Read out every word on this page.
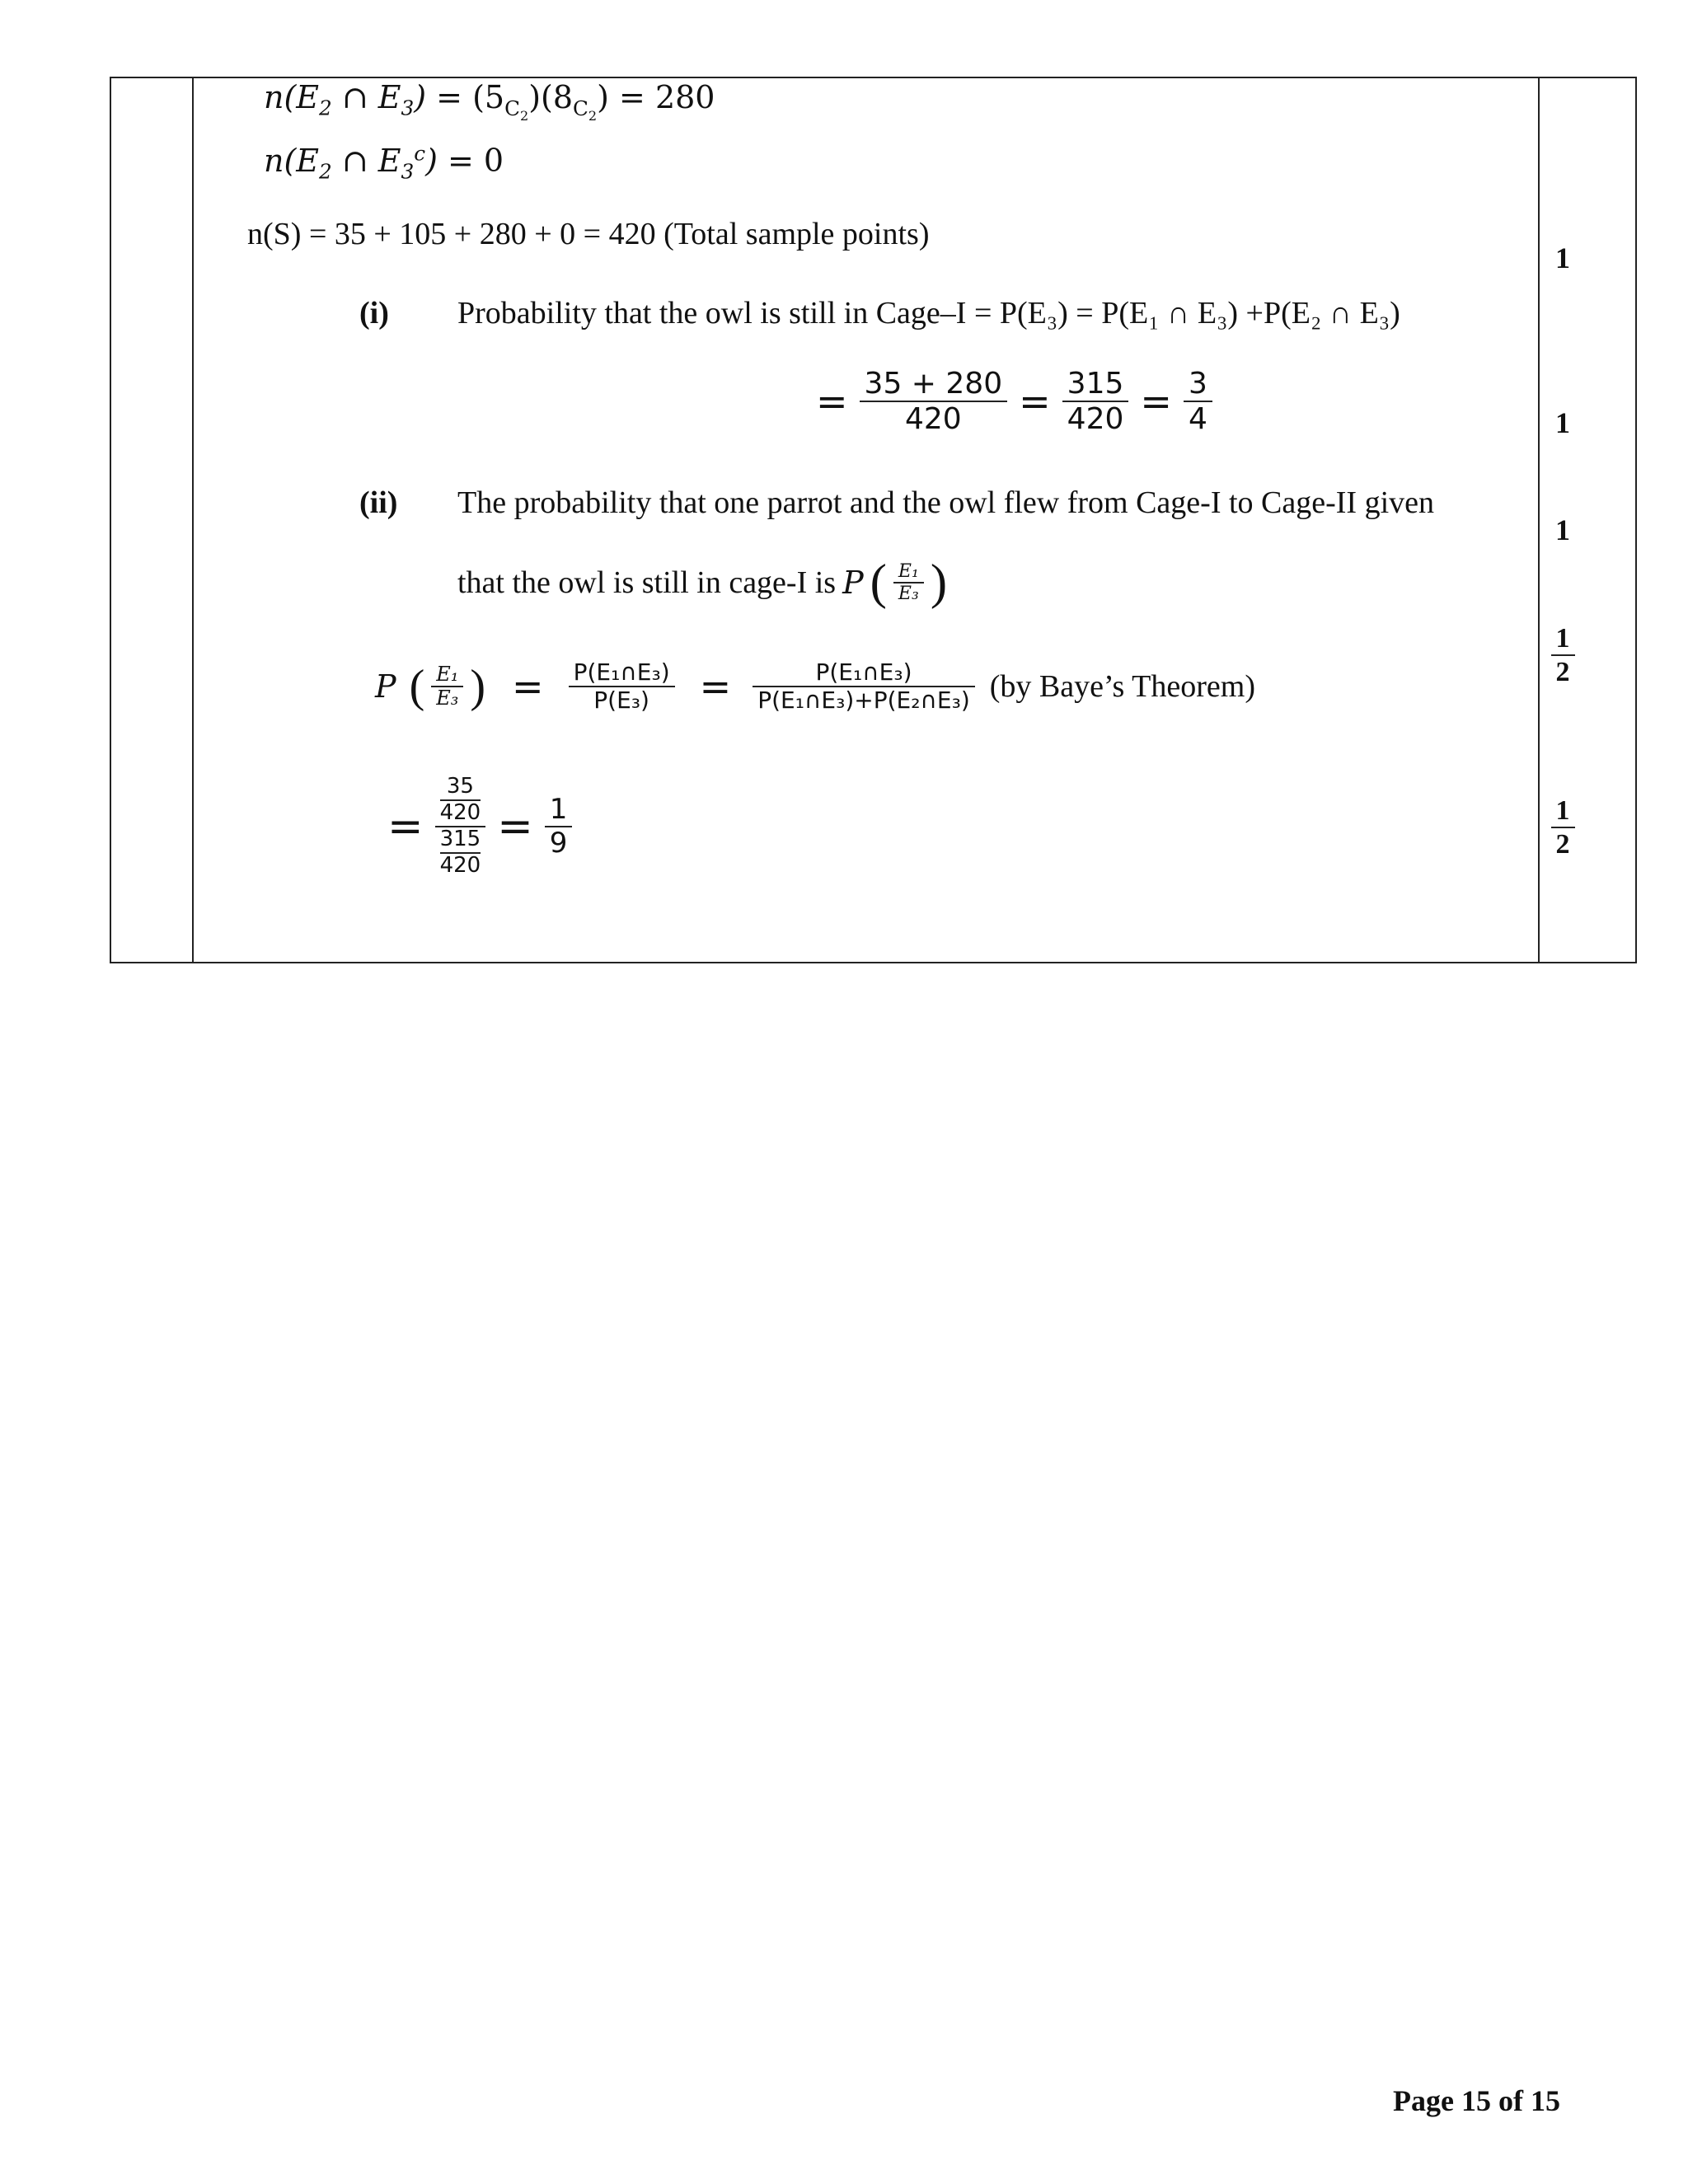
$n(E_2$ ∩ $E_3) = (5_{C_2})(8_{C_2}) = 280$
$n(E_2$ ∩ $E_3^c) = 0$
n(S) = 35 + 105 + 280 + 0 = 420 (Total sample points)
(i) Probability that the owl is still in Cage–I = P(E₃) = P(E₁ ∩ E₃) +P(E₂ ∩ E₃)
= $\frac{35 + 280}{420} = \frac{315}{420} = \frac{3}{4}$
(ii) The probability that one parrot and the owl flew from Cage-I to Cage-II given
that the owl is still in cage-I is P ( $\frac{\text{E₁}}{\text{E₃}}$ )
P ( $\frac{\text{E₁}}{\text{E₃}}$ ) = $\frac{\text{P(E₁∩E₃)}}{\text{P(E₃)}} = \frac{\text{P(E₁∩E₃)}}{\text{P(E₁∩E₃)+P(E₂∩E₃)}} (by$ Baye’s Theorem)
= 35
420
315
$420 = \frac{1}{9}$
1
1
1
$\frac{1}{2}$
$\frac{1}{2}$
Page 15 of 15
